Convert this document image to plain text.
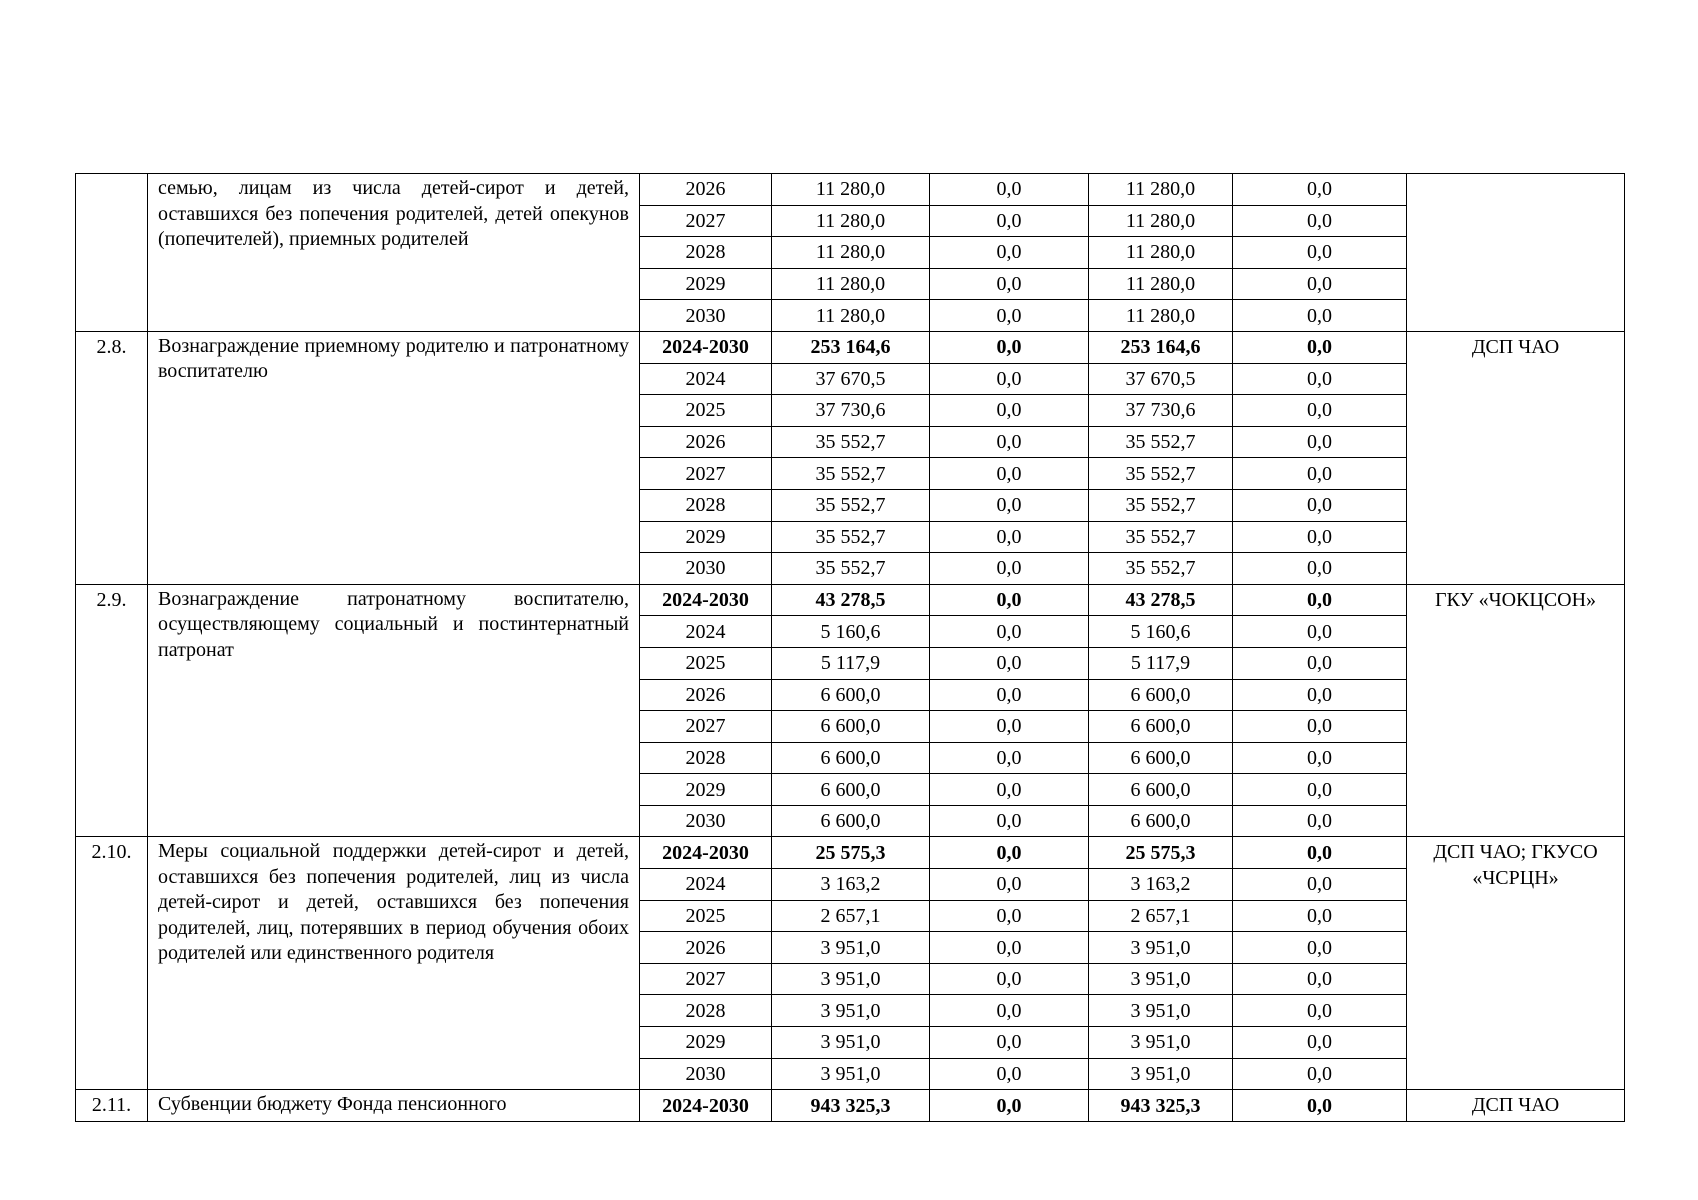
	семью, лицам из числа детей-сирот и детей, оставшихся без попечения родителей, детей опекунов (попечителей), приемных родителей	2026	11 280,0	0,0	11 280,0	0,0	
		2027	11 280,0	0,0	11 280,0	0,0	
		2028	11 280,0	0,0	11 280,0	0,0	
		2029	11 280,0	0,0	11 280,0	0,0	
		2030	11 280,0	0,0	11 280,0	0,0	
2.8.	Вознаграждение приемному родителю и патронатному воспитателю	2024-2030	253 164,6	0,0	253 164,6	0,0	ДСП ЧАО
		2024	37 670,5	0,0	37 670,5	0,0	
		2025	37 730,6	0,0	37 730,6	0,0	
		2026	35 552,7	0,0	35 552,7	0,0	
		2027	35 552,7	0,0	35 552,7	0,0	
		2028	35 552,7	0,0	35 552,7	0,0	
		2029	35 552,7	0,0	35 552,7	0,0	
		2030	35 552,7	0,0	35 552,7	0,0	
2.9.	Вознаграждение патронатному воспитателю, осуществляющему социальный и постинтернатный патронат	2024-2030	43 278,5	0,0	43 278,5	0,0	ГКУ «ЧОКЦСОН»
		2024	5 160,6	0,0	5 160,6	0,0	
		2025	5 117,9	0,0	5 117,9	0,0	
		2026	6 600,0	0,0	6 600,0	0,0	
		2027	6 600,0	0,0	6 600,0	0,0	
		2028	6 600,0	0,0	6 600,0	0,0	
		2029	6 600,0	0,0	6 600,0	0,0	
		2030	6 600,0	0,0	6 600,0	0,0	
2.10.	Меры социальной поддержки детей-сирот и детей, оставшихся без попечения родителей, лиц из числа детей-сирот и детей, оставшихся без попечения родителей, лиц, потерявших в период обучения обоих родителей или единственного родителя	2024-2030	25 575,3	0,0	25 575,3	0,0	ДСП ЧАО; ГКУСО «ЧСРЦН»
		2024	3 163,2	0,0	3 163,2	0,0	
		2025	2 657,1	0,0	2 657,1	0,0	
		2026	3 951,0	0,0	3 951,0	0,0	
		2027	3 951,0	0,0	3 951,0	0,0	
		2028	3 951,0	0,0	3 951,0	0,0	
		2029	3 951,0	0,0	3 951,0	0,0	
		2030	3 951,0	0,0	3 951,0	0,0	
2.11.	Субвенции бюджету Фонда пенсионного	2024-2030	943 325,3	0,0	943 325,3	0,0	ДСП ЧАО
